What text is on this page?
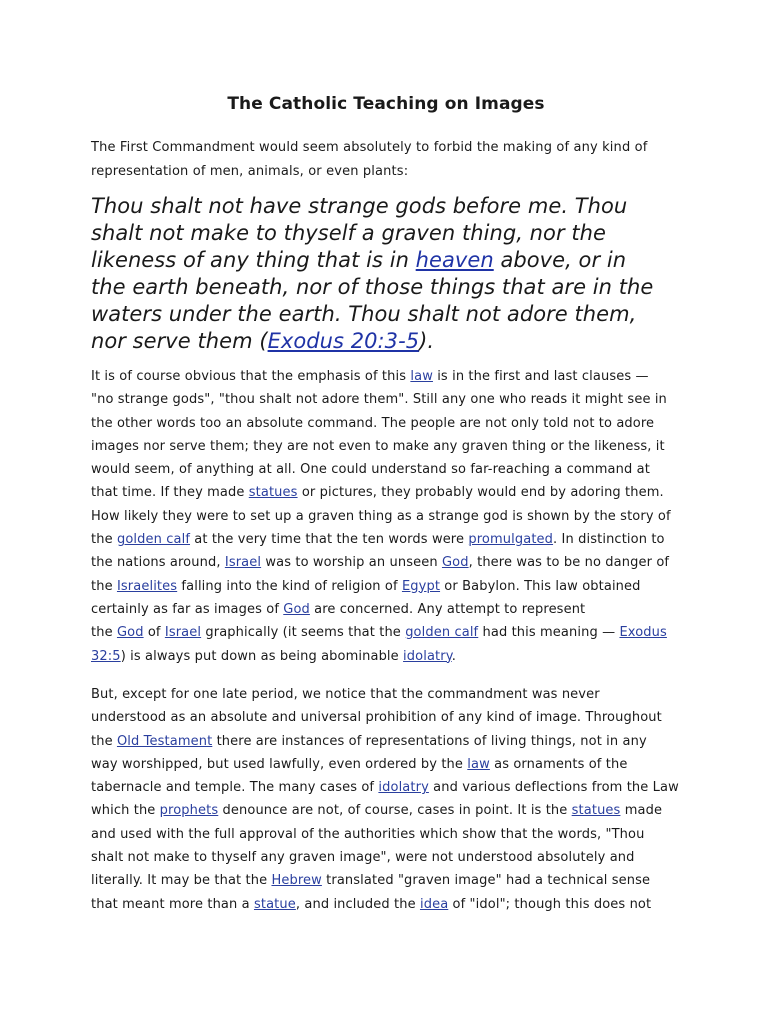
The Catholic Teaching on Images

The First Commandment would seem absolutely to forbid the making of any kind of
representation of men, animals, or even plants:

Thou shalt not have strange gods before me. Thou
shalt not make to thyself a graven thing, nor the
likeness of any thing that is in heaven above, or in
the earth beneath, nor of those things that are in the
waters under the earth. Thou shalt not adore them,
nor serve them (Exodus 20:3-5).

It is of course obvious that the emphasis of this law is in the first and last clauses —
"no strange gods", "thou shalt not adore them". Still any one who reads it might see in
the other words too an absolute command. The people are not only told not to adore
images nor serve them; they are not even to make any graven thing or the likeness, it
would seem, of anything at all. One could understand so far-reaching a command at
that time. If they made statues or pictures, they probably would end by adoring them.
How likely they were to set up a graven thing as a strange god is shown by the story of
the golden calf at the very time that the ten words were promulgated. In distinction to
the nations around, Israel was to worship an unseen God, there was to be no danger of
the Israelites falling into the kind of religion of Egypt or Babylon. This law obtained
certainly as far as images of God are concerned. Any attempt to represent
the God of Israel graphically (it seems that the golden calf had this meaning — Exodus
32:5) is always put down as being abominable idolatry.

But, except for one late period, we notice that the commandment was never
understood as an absolute and universal prohibition of any kind of image. Throughout
the Old Testament there are instances of representations of living things, not in any
way worshipped, but used lawfully, even ordered by the law as ornaments of the
tabernacle and temple. The many cases of idolatry and various deflections from the Law
which the prophets denounce are not, of course, cases in point. It is the statues made
and used with the full approval of the authorities which show that the words, "Thou
shalt not make to thyself any graven image", were not understood absolutely and
literally. It may be that the Hebrew translated "graven image" had a technical sense
that meant more than a statue, and included the idea of "idol"; though this does not
